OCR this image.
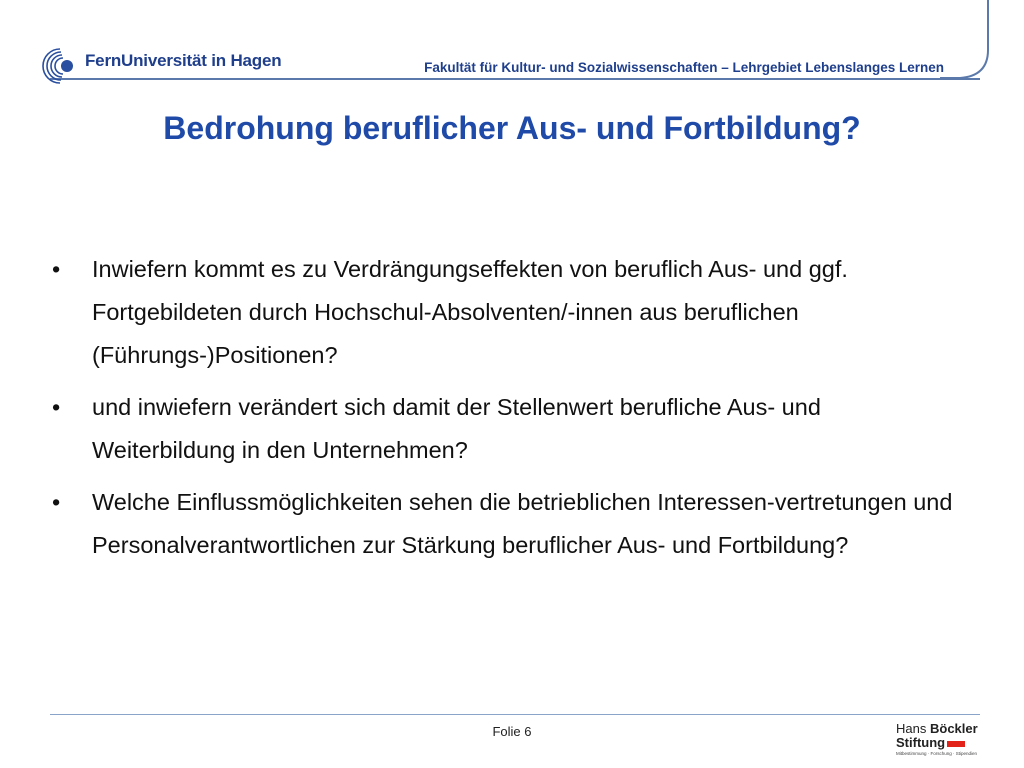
FernUniversität in Hagen	Fakultät für Kultur- und Sozialwissenschaften – Lehrgebiet Lebenslanges Lernen
Bedrohung beruflicher Aus- und Fortbildung?
• Inwiefern kommt es zu Verdrängungseffekten von beruflich Aus- und ggf. Fortgebildeten durch Hochschul-Absolventen/-innen aus beruflichen (Führungs-)Positionen?
• und inwiefern verändert sich damit der Stellenwert berufliche Aus- und Weiterbildung in den Unternehmen?
• Welche Einflussmöglichkeiten sehen die betrieblichen Interessen-vertretungen und Personalverantwortlichen zur Stärkung beruflicher Aus- und Fortbildung?
Folie 6	Hans Böckler
Stiftung
Mitbestimmung · Forschung · Stipendien
